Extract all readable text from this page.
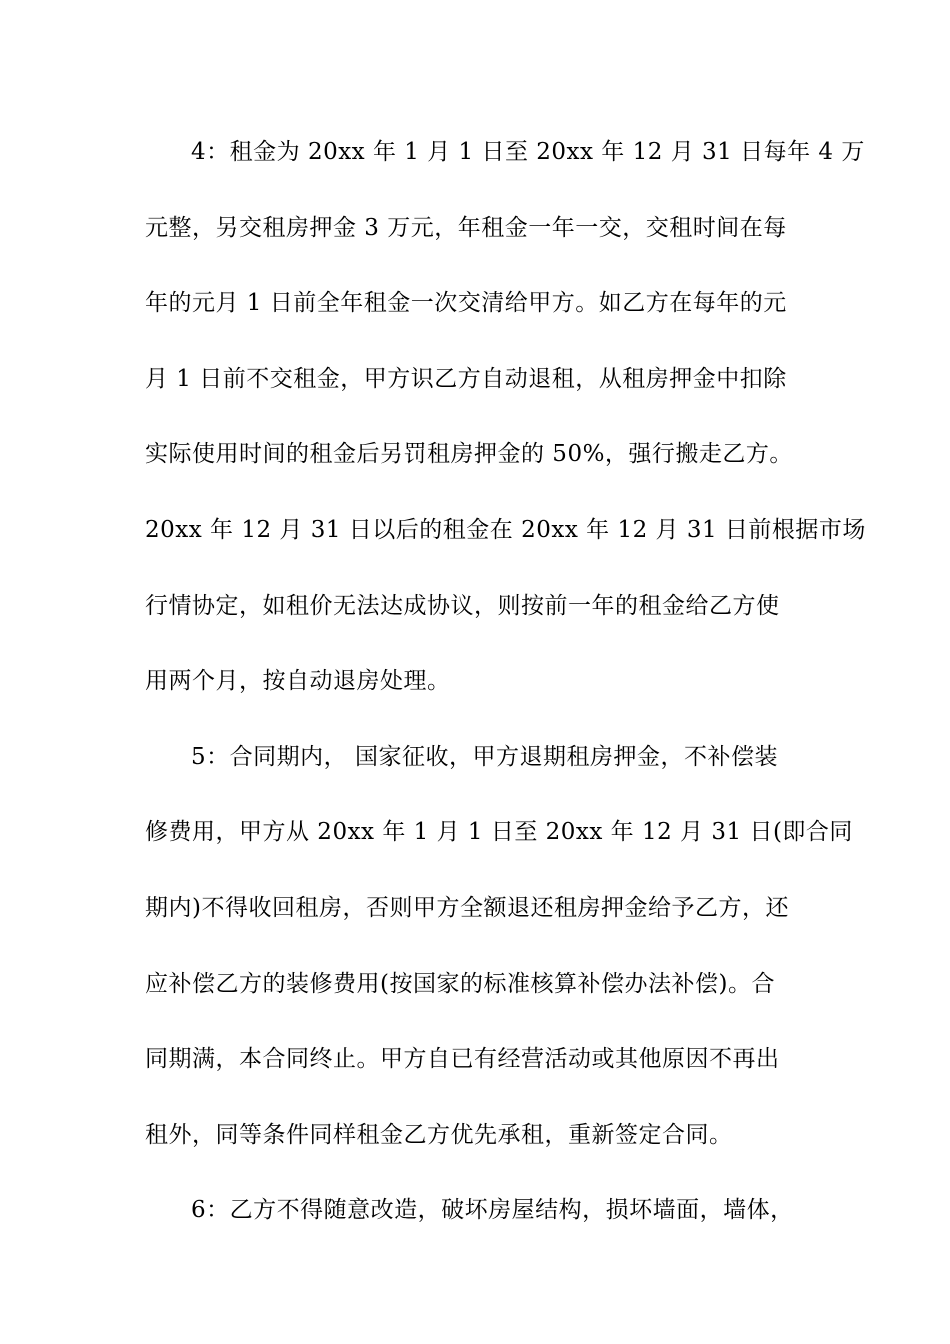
4：租金为 20xx 年 1 月 1 日至 20xx 年 12 月 31 日每年 4 万
元整，另交租房押金 3 万元，年租金一年一交，交租时间在每
年的元月 1 日前全年租金一次交清给甲方。如乙方在每年的元
月 1 日前不交租金，甲方识乙方自动退租，从租房押金中扣除
实际使用时间的租金后另罚租房押金的 50%，强行搬走乙方。
20xx 年 12 月 31 日以后的租金在 20xx 年 12 月 31 日前根据市场
行情协定，如租价无法达成协议，则按前一年的租金给乙方使
用两个月，按自动退房处理。
5：合同期内， 国家征收，甲方退期租房押金，不补偿装
修费用，甲方从 20xx 年 1 月 1 日至 20xx 年 12 月 31 日(即合同
期内)不得收回租房，否则甲方全额退还租房押金给予乙方，还
应补偿乙方的装修费用(按国家的标准核算补偿办法补偿)。合
同期满，本合同终止。甲方自已有经营活动或其他原因不再出
租外，同等条件同样租金乙方优先承租，重新签定合同。
6：乙方不得随意改造，破坏房屋结构，损坏墙面，墙体，
